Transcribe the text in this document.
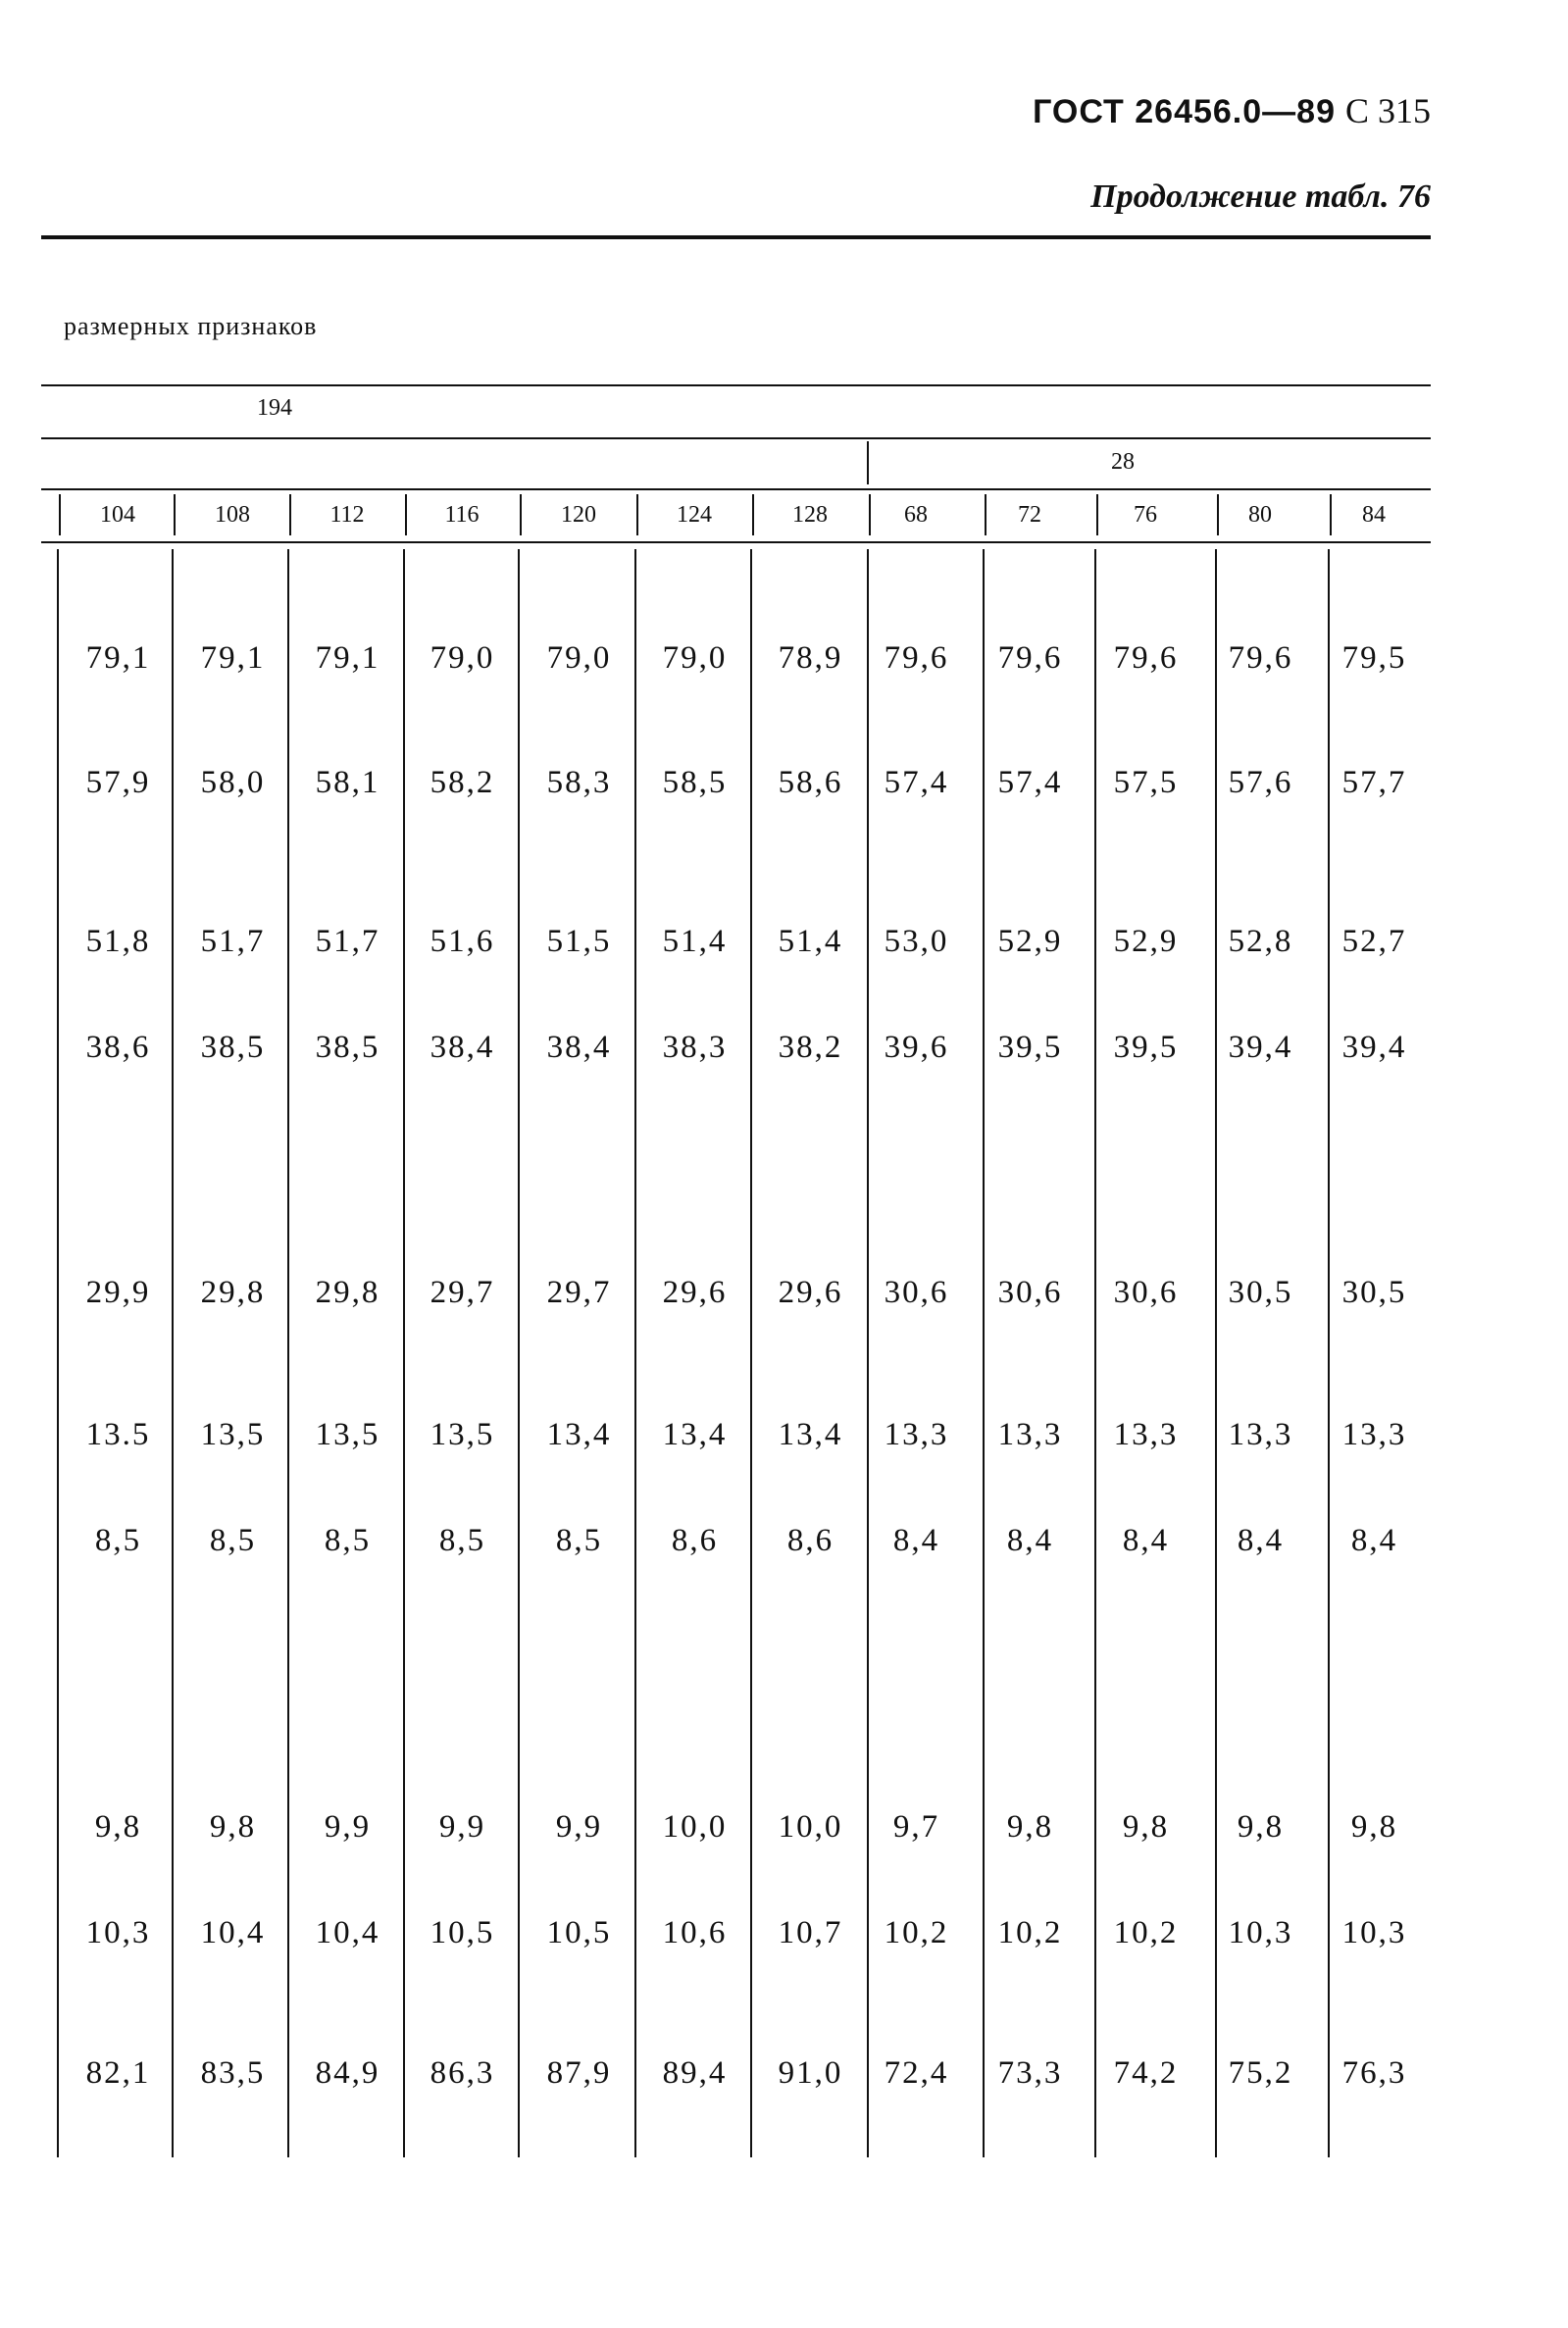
ГОСТ 26456.0—89 С 315
Продолжение табл. 76
размерных признаков
194
28
104	108	112	116	120	124	128	68	72	76	80	84
79,1	79,1	79,1	79,0	79,0	79,0	78,9	79,6	79,6	79,6	79,6	79,5
57,9	58,0	58,1	58,2	58,3	58,5	58,6	57,4	57,4	57,5	57,6	57,7
51,8	51,7	51,7	51,6	51,5	51,4	51,4	53,0	52,9	52,9	52,8	52,7
38,6	38,5	38,5	38,4	38,4	38,3	38,2	39,6	39,5	39,5	39,4	39,4
29,9	29,8	29,8	29,7	29,7	29,6	29,6	30,6	30,6	30,6	30,5	30,5
13.5	13,5	13,5	13,5	13,4	13,4	13,4	13,3	13,3	13,3	13,3	13,3
8,5	8,5	8,5	8,5	8,5	8,6	8,6	8,4	8,4	8,4	8,4	8,4
9,8	9,8	9,9	9,9	9,9	10,0	10,0	9,7	9,8	9,8	9,8	9,8
10,3	10,4	10,4	10,5	10,5	10,6	10,7	10,2	10,2	10,2	10,3	10,3
82,1	83,5	84,9	86,3	87,9	89,4	91,0	72,4	73,3	74,2	75,2	76,3
